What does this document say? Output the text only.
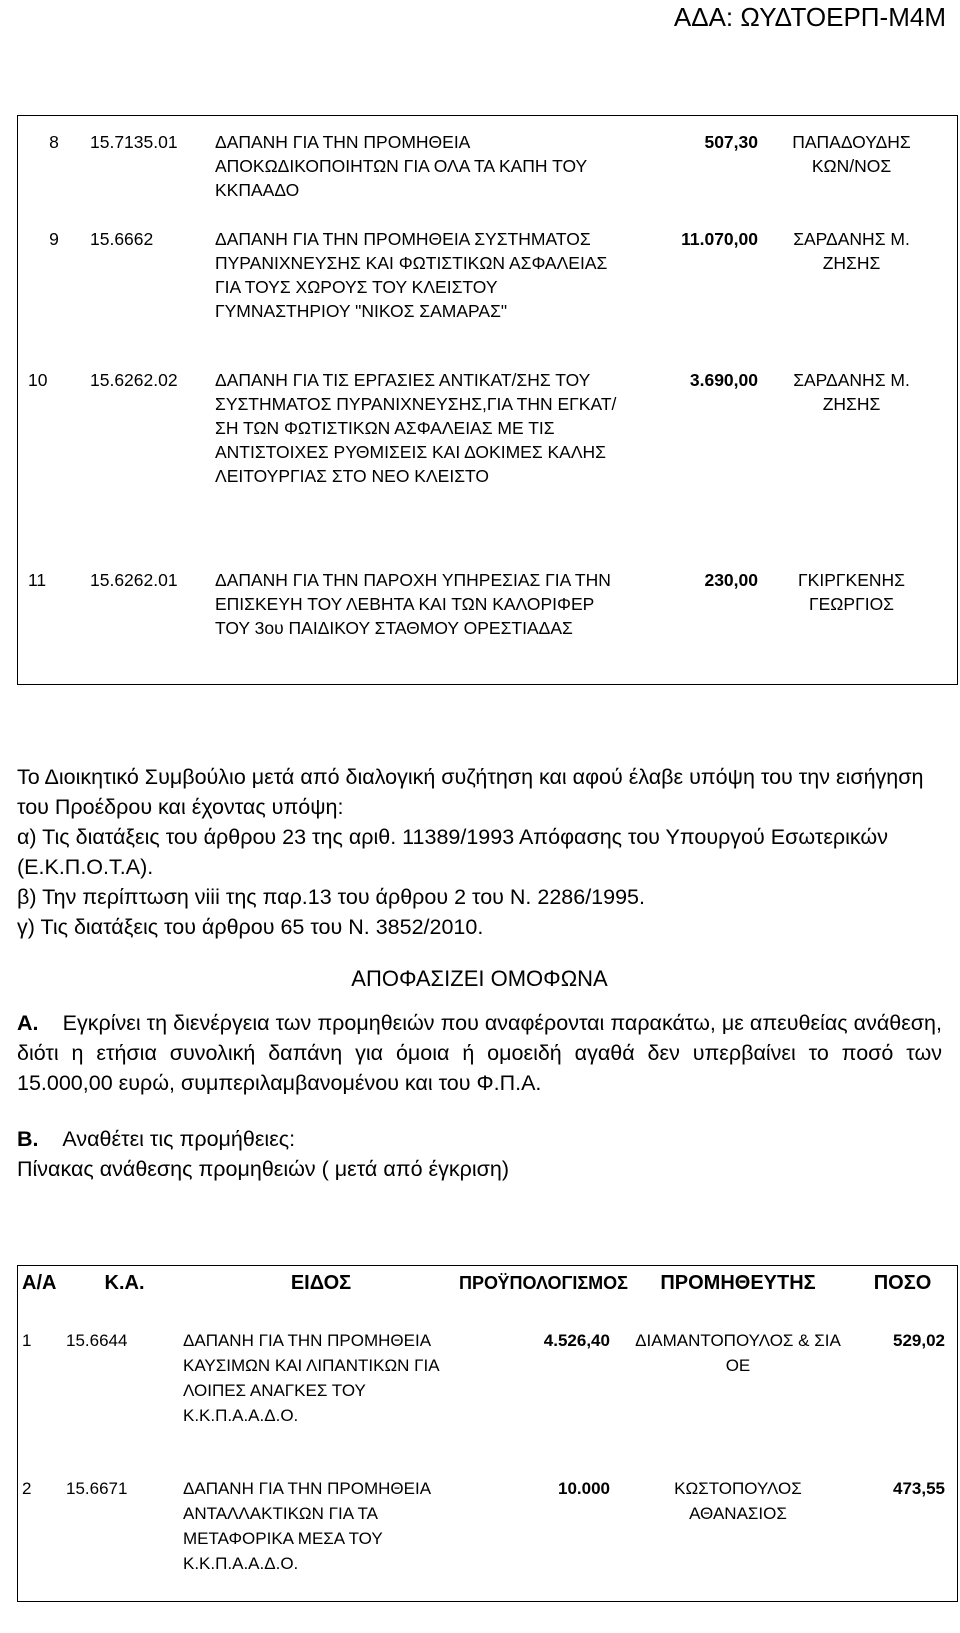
ΑΔΑ: ΩΥΔΤΟΕΡΠ-Μ4Μ
8	15.7135.01	ΔΑΠΑΝΗ ΓΙΑ ΤΗΝ ΠΡΟΜΗΘΕΙΑ ΑΠΟΚΩΔΙΚΟΠΟΙΗΤΩΝ ΓΙΑ ΟΛΑ ΤΑ ΚΑΠΗ ΤΟΥ ΚΚΠΑΑΔΟ	507,30	ΠΑΠΑΔΟΥΔΗΣ ΚΩΝ/ΝΟΣ
9	15.6662	ΔΑΠΑΝΗ ΓΙΑ ΤΗΝ ΠΡΟΜΗΘΕΙΑ ΣΥΣΤΗΜΑΤΟΣ ΠΥΡΑΝΙΧΝΕΥΣΗΣ ΚΑΙ ΦΩΤΙΣΤΙΚΩΝ ΑΣΦΑΛΕΙΑΣ ΓΙΑ ΤΟΥΣ ΧΩΡΟΥΣ ΤΟΥ ΚΛΕΙΣΤΟΥ ΓΥΜΝΑΣΤΗΡΙΟΥ "ΝΙΚΟΣ ΣΑΜΑΡΑΣ"	11.070,00	ΣΑΡΔΑΝΗΣ Μ. ΖΗΣΗΣ
10	15.6262.02	ΔΑΠΑΝΗ ΓΙΑ ΤΙΣ ΕΡΓΑΣΙΕΣ ΑΝΤΙΚΑΤ/ΣΗΣ ΤΟΥ ΣΥΣΤΗΜΑΤΟΣ ΠΥΡΑΝΙΧΝΕΥΣΗΣ,ΓΙΑ ΤΗΝ ΕΓΚΑΤ/ΣΗ ΤΩΝ ΦΩΤΙΣΤΙΚΩΝ ΑΣΦΑΛΕΙΑΣ ΜΕ ΤΙΣ ΑΝΤΙΣΤΟΙΧΕΣ ΡΥΘΜΙΣΕΙΣ ΚΑΙ ΔΟΚΙΜΕΣ ΚΑΛΗΣ ΛΕΙΤΟΥΡΓΙΑΣ ΣΤΟ ΝΕΟ ΚΛΕΙΣΤΟ	3.690,00	ΣΑΡΔΑΝΗΣ Μ. ΖΗΣΗΣ
11	15.6262.01	ΔΑΠΑΝΗ ΓΙΑ ΤΗΝ ΠΑΡΟΧΗ ΥΠΗΡΕΣΙΑΣ ΓΙΑ ΤΗΝ ΕΠΙΣΚΕΥΗ ΤΟΥ ΛΕΒΗΤΑ ΚΑΙ ΤΩΝ ΚΑΛΟΡΙΦΕΡ ΤΟΥ 3ου ΠΑΙΔΙΚΟΥ ΣΤΑΘΜΟΥ ΟΡΕΣΤΙΑΔΑΣ	230,00	ΓΚΙΡΓΚΕΝΗΣ ΓΕΩΡΓΙΟΣ

Το Διοικητικό Συμβούλιο μετά από διαλογική συζήτηση και αφού έλαβε υπόψη του την εισήγηση του Προέδρου και έχοντας υπόψη:

α) Τις διατάξεις του άρθρου 23 της αριθ. 11389/1993 Απόφασης του Υπουργού Εσωτερικών (Ε.Κ.Π.Ο.Τ.Α).

β) Την περίπτωση νiii της παρ.13 του άρθρου 2 του Ν. 2286/1995.

γ) Τις διατάξεις του άρθρου 65 του Ν. 3852/2010.

ΑΠΟΦΑΣΙΖΕΙ ΟΜΟΦΩΝΑ

Α. Εγκρίνει τη διενέργεια των προμηθειών που αναφέρονται παρακάτω, με απευθείας ανάθεση, διότι η ετήσια συνολική δαπάνη για όμοια ή ομοειδή αγαθά δεν υπερβαίνει το ποσό των 15.000,00 ευρώ, συμπεριλαμβανομένου και του Φ.Π.Α.

Β. Αναθέτει τις προμήθειες:

Πίνακας ανάθεσης προμηθειών ( μετά από έγκριση)

Α/Α	Κ.Α.	ΕΙΔΟΣ	ΠΡΟΫΠΟΛΟΓΙΣΜΟΣ	ΠΡΟΜΗΘΕΥΤΗΣ	ΠΟΣΟ
1	15.6644	ΔΑΠΑΝΗ ΓΙΑ ΤΗΝ ΠΡΟΜΗΘΕΙΑ ΚΑΥΣΙΜΩΝ ΚΑΙ ΛΙΠΑΝΤΙΚΩΝ ΓΙΑ ΛΟΙΠΕΣ ΑΝΑΓΚΕΣ ΤΟΥ Κ.Κ.Π.Α.Α.Δ.Ο.	4.526,40	ΔΙΑΜΑΝΤΟΠΟΥΛΟΣ & ΣΙΑ ΟΕ	529,02
2	15.6671	ΔΑΠΑΝΗ ΓΙΑ ΤΗΝ ΠΡΟΜΗΘΕΙΑ ΑΝΤΑΛΛΑΚΤΙΚΩΝ ΓΙΑ ΤΑ ΜΕΤΑΦΟΡΙΚΑ ΜΕΣΑ ΤΟΥ Κ.Κ.Π.Α.Α.Δ.Ο.	10.000	ΚΩΣΤΟΠΟΥΛΟΣ ΑΘΑΝΑΣΙΟΣ	473,55
